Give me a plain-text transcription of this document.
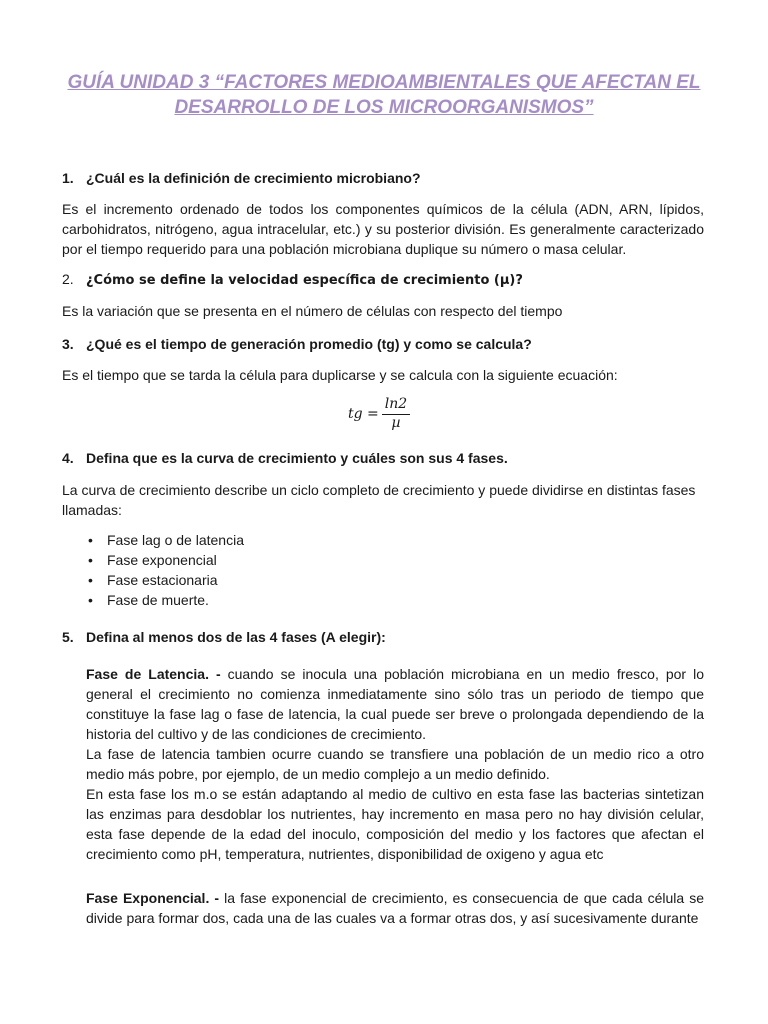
GUÍA UNIDAD 3 “FACTORES MEDIOAMBIENTALES QUE AFECTAN EL
DESARROLLO DE LOS MICROORGANISMOS”
1. ¿Cuál es la definición de crecimiento microbiano?
Es el incremento ordenado de todos los componentes químicos de la célula (ADN, ARN, lípidos, carbohidratos, nitrógeno, agua intracelular, etc.) y su posterior división. Es generalmente caracterizado por el tiempo requerido para una población microbiana duplique su número o masa celular.
2. ¿Cómo se define la velocidad específica de crecimiento (µ)?
Es la variación que se presenta en el número de células con respecto del tiempo
3. ¿Qué es el tiempo de generación promedio (tg) y como se calcula?
Es el tiempo que se tarda la célula para duplicarse y se calcula con la siguiente ecuación:
tg = $\frac{\ln 2}{\text{µ}}$
4. Defina que es la curva de crecimiento y cuáles son sus 4 fases.
La curva de crecimiento describe un ciclo completo de crecimiento y puede dividirse en distintas fases llamadas:
• Fase lag o de latencia
• Fase exponencial
• Fase estacionaria
• Fase de muerte.
5. Defina al menos dos de las 4 fases (A elegir):
Fase de Latencia. - cuando se inocula una población microbiana en un medio fresco, por lo general el crecimiento no comienza inmediatamente sino sólo tras un periodo de tiempo que constituye la fase lag o fase de latencia, la cual puede ser breve o prolongada dependiendo de la historia del cultivo y de las condiciones de crecimiento.
La fase de latencia tambien ocurre cuando se transfiere una población de un medio rico a otro medio más pobre, por ejemplo, de un medio complejo a un medio definido.
En esta fase los m.o se están adaptando al medio de cultivo en esta fase las bacterias sintetizan las enzimas para desdoblar los nutrientes, hay incremento en masa pero no hay división celular, esta fase depende de la edad del inoculo, composición del medio y los factores que afectan el crecimiento como pH, temperatura, nutrientes, disponibilidad de oxigeno y agua etc
Fase Exponencial. - la fase exponencial de crecimiento, es consecuencia de que cada célula se divide para formar dos, cada una de las cuales va a formar otras dos, y así sucesivamente durante
